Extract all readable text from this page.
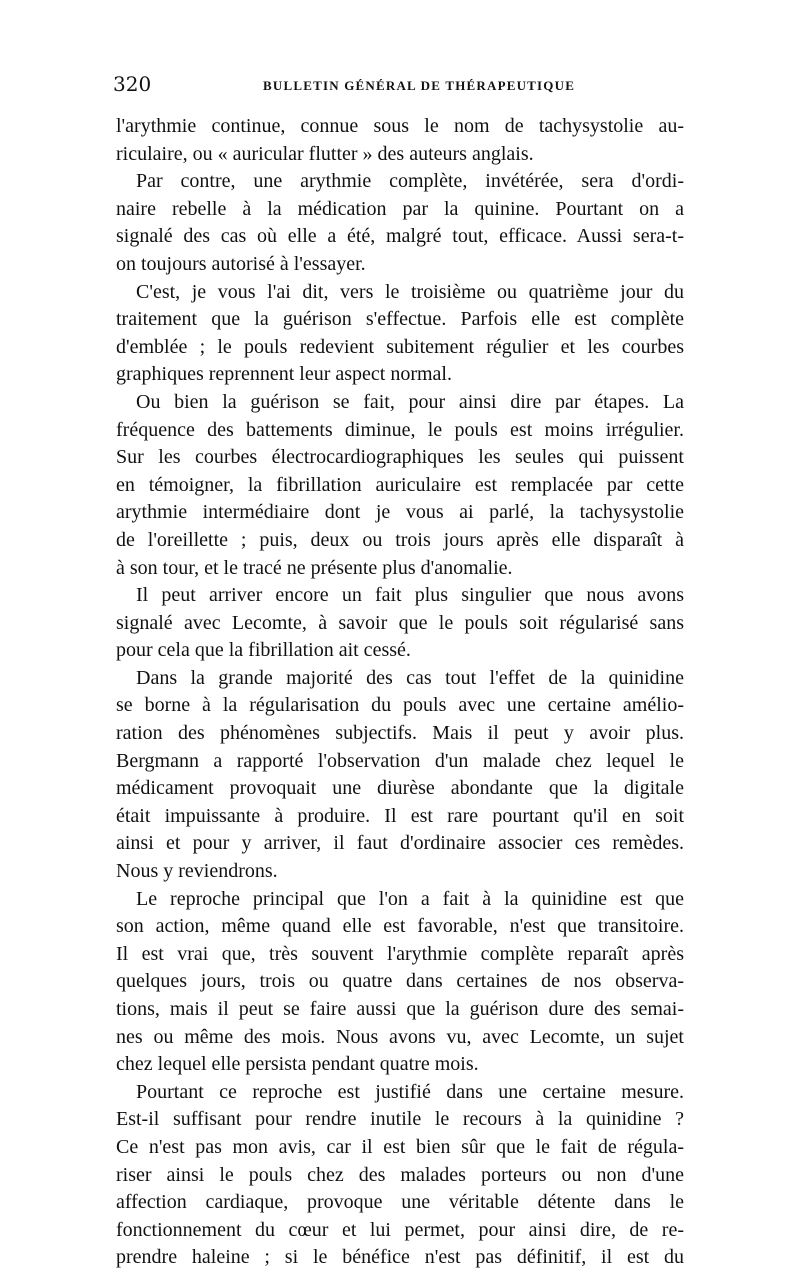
320	BULLETIN GÉNÉRAL DE THÉRAPEUTIQUE

l'arythmie continue, connue sous le nom de tachysystolie au-
riculaire, ou « auricular flutter » des auteurs anglais.

Par contre, une arythmie complète, invétérée, sera d'ordi-
naire rebelle à la médication par la quinine. Pourtant on a
signalé des cas où elle a été, malgré tout, efficace. Aussi sera-t-
on toujours autorisé à l'essayer.

C'est, je vous l'ai dit, vers le troisième ou quatrième jour du
traitement que la guérison s'effectue. Parfois elle est complète
d'emblée ; le pouls redevient subitement régulier et les courbes
graphiques reprennent leur aspect normal.

Ou bien la guérison se fait, pour ainsi dire par étapes. La
fréquence des battements diminue, le pouls est moins irrégulier.
Sur les courbes électrocardiographiques les seules qui puissent
en témoigner, la fibrillation auriculaire est remplacée par cette
arythmie intermédiaire dont je vous ai parlé, la tachysystolie
de l'oreillette ; puis, deux ou trois jours après elle disparaît à
à son tour, et le tracé ne présente plus d'anomalie.

Il peut arriver encore un fait plus singulier que nous avons
signalé avec Lecomte, à savoir que le pouls soit régularisé sans
pour cela que la fibrillation ait cessé.

Dans la grande majorité des cas tout l'effet de la quinidine
se borne à la régularisation du pouls avec une certaine amélio-
ration des phénomènes subjectifs. Mais il peut y avoir plus.
Bergmann a rapporté l'observation d'un malade chez lequel le
médicament provoquait une diurèse abondante que la digitale
était impuissante à produire. Il est rare pourtant qu'il en soit
ainsi et pour y arriver, il faut d'ordinaire associer ces remèdes.
Nous y reviendrons.

Le reproche principal que l'on a fait à la quinidine est que
son action, même quand elle est favorable, n'est que transitoire.
Il est vrai que, très souvent l'arythmie complète reparaît après
quelques jours, trois ou quatre dans certaines de nos observa-
tions, mais il peut se faire aussi que la guérison dure des semai-
nes ou même des mois. Nous avons vu, avec Lecomte, un sujet
chez lequel elle persista pendant quatre mois.

Pourtant ce reproche est justifié dans une certaine mesure.
Est-il suffisant pour rendre inutile le recours à la quinidine ?
Ce n'est pas mon avis, car il est bien sûr que le fait de régula-
riser ainsi le pouls chez des malades porteurs ou non d'une
affection cardiaque, provoque une véritable détente dans le
fonctionnement du cœur et lui permet, pour ainsi dire, de re-
prendre haleine ; si le bénéfice n'est pas définitif, il est du
